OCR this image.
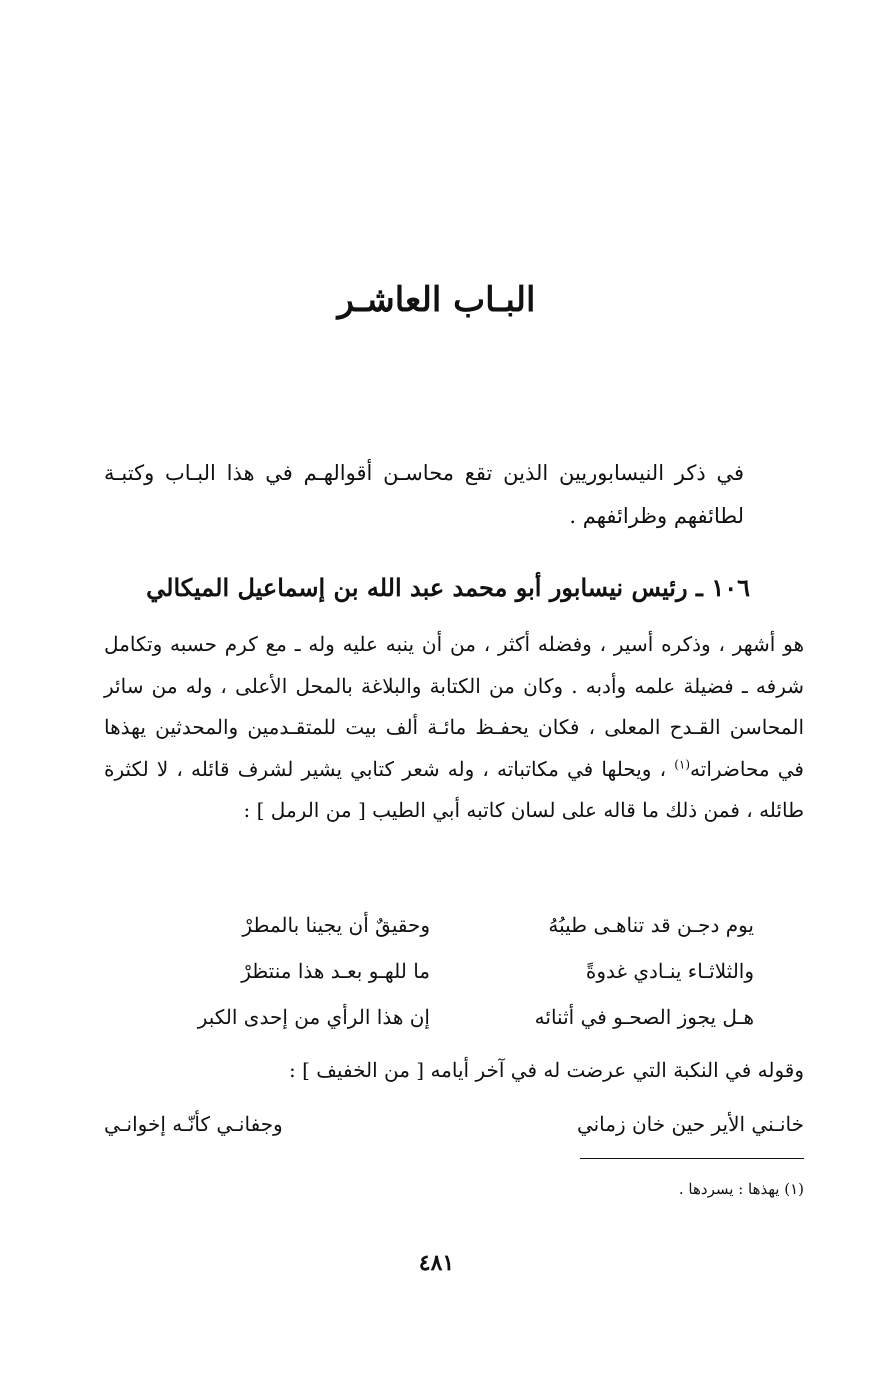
البـاب العاشـر
في ذكر النيسابوريين الذين تقع محاسـن أقوالهـم في هذا البـاب وكتبـة لطائفهم وظرائفهم .
١٠٦ ـ رئيس نيسابور أبو محمد عبد الله بن إسماعيل الميكالي
هو أشهر ، وذكره أسير ، وفضله أكثر ، من أن ينبه عليه وله ـ مع كرم حسبه وتكامل شرفه ـ فضيلة علمه وأدبه . وكان من الكتابة والبلاغة بالمحل الأعلى ، وله من سائر المحاسن القـدح المعلى ، فكان يحفـظ مائـة ألف بيت للمتقـدمين والمحدثين يهذها في محاضراته$^{(١)}$ ، ويحلها في مكاتباته ، وله شعر كتابي يشير لشرف قائله ، لا لكثرة طائله ، فمن ذلك ما قاله على لسان كاتبه أبي الطيب [ من الرمل ] :
يوم دجـن قد تناهـى طيبُهُ
وحقيقٌ أن يجينا بالمطرْ
والثلاثـاء ينـادي غدوةً
ما للهـو بعـد هذا منتظرْ
هـل يجوز الصحـو في أثنائه
إن هذا الرأي من إحدى الكبر
وقوله في النكبة التي عرضت له في آخر أيامه [ من الخفيف ] :
خانـني الأير حين خان زماني
وجفانـي كأنّـه إخوانـي
(١) يهذها : يسردها .
٤٨١
